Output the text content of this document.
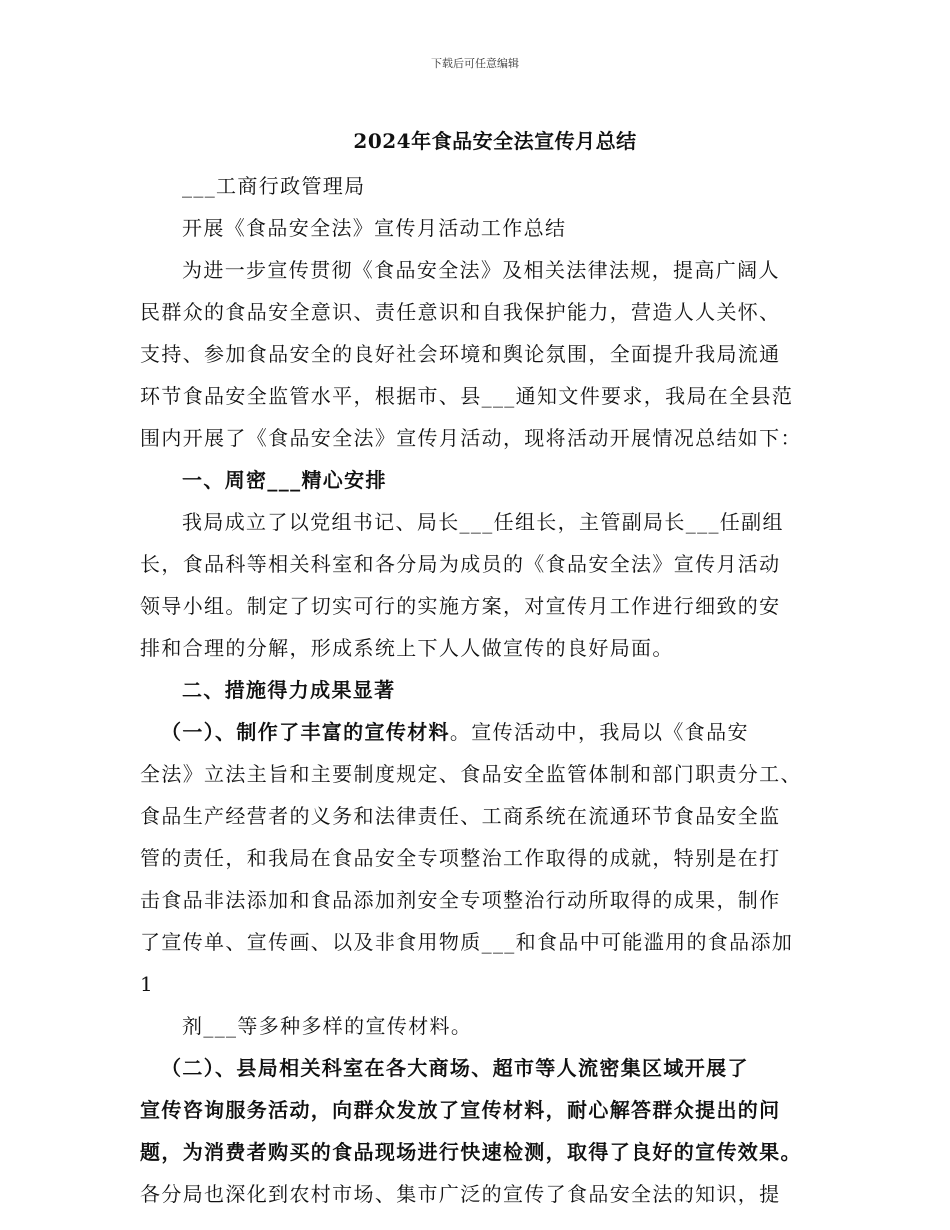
下载后可任意编辑
2024年食品安全法宣传月总结

___工商行政管理局

开展《食品安全法》宣传月活动工作总结

为进一步宣传贯彻《食品安全法》及相关法律法规，提高广阔人
民群众的食品安全意识、责任意识和自我保护能力，营造人人关怀、
支持、参加食品安全的良好社会环境和舆论氛围，全面提升我局流通
环节食品安全监管水平，根据市、县___通知文件要求，我局在全县范
围内开展了《食品安全法》宣传月活动，现将活动开展情况总结如下：

一、周密___精心安排

我局成立了以党组书记、局长___任组长，主管副局长___任副组
长，食品科等相关科室和各分局为成员的《食品安全法》宣传月活动
领导小组。制定了切实可行的实施方案，对宣传月工作进行细致的安
排和合理的分解，形成系统上下人人做宣传的良好局面。

二、措施得力成果显著

（一）、制作了丰富的宣传材料。宣传活动中，我局以《食品安
全法》立法主旨和主要制度规定、食品安全监管体制和部门职责分工、
食品生产经营者的义务和法律责任、工商系统在流通环节食品安全监
管的责任，和我局在食品安全专项整治工作取得的成就，特别是在打
击食品非法添加和食品添加剂安全专项整治行动所取得的成果，制作
了宣传单、宣传画、以及非食用物质___和食品中可能滥用的食品添加

1

剂___等多种多样的宣传材料。

（二）、县局相关科室在各大商场、超市等人流密集区域开展了
宣传咨询服务活动，向群众发放了宣传材料，耐心解答群众提出的问
题，为消费者购买的食品现场进行快速检测，取得了良好的宣传效果。

各分局也深化到农村市场、集市广泛的宣传了食品安全法的知识，提
